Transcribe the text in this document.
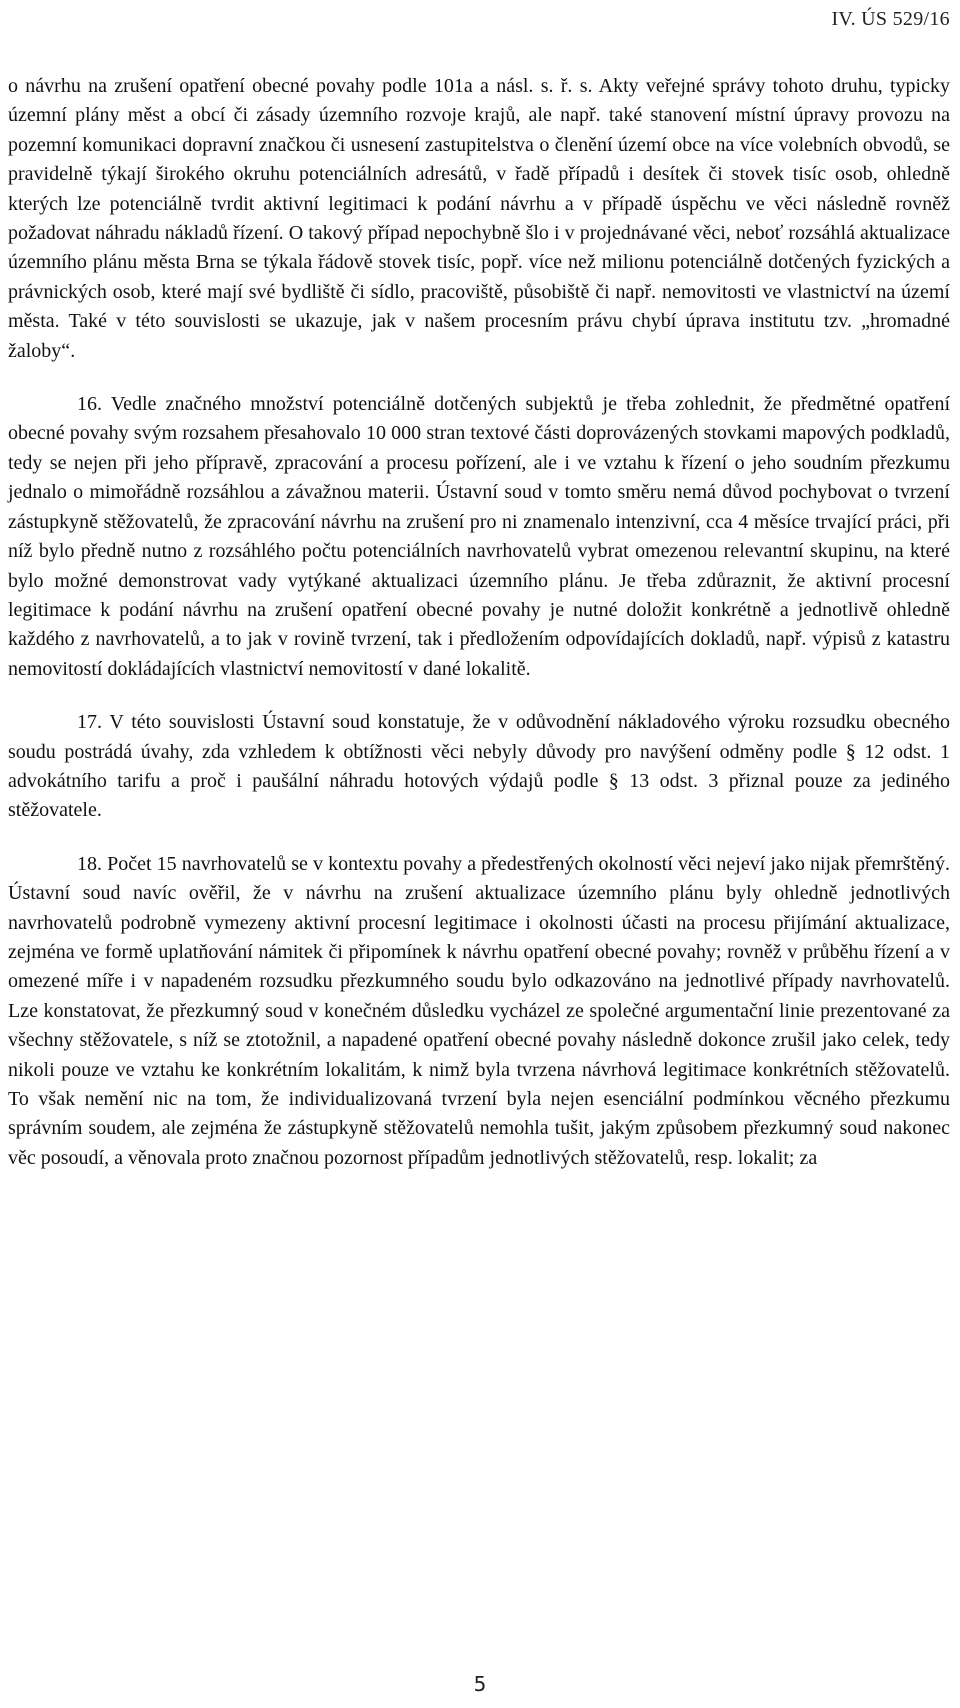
IV. ÚS 529/16

o návrhu na zrušení opatření obecné povahy podle 101a a násl. s. ř. s. Akty veřejné správy tohoto druhu, typicky územní plány měst a obcí či zásady územního rozvoje krajů, ale např. také stanovení místní úpravy provozu na pozemní komunikaci dopravní značkou či usnesení zastupitelstva o členění území obce na více volebních obvodů, se pravidelně týkají širokého okruhu potenciálních adresátů, v řadě případů i desítek či stovek tisíc osob, ohledně kterých lze potenciálně tvrdit aktivní legitimaci k podání návrhu a v případě úspěchu ve věci následně rovněž požadovat náhradu nákladů řízení. O takový případ nepochybně šlo i v projednávané věci, neboť rozsáhlá aktualizace územního plánu města Brna se týkala řádově stovek tisíc, popř. více než milionu potenciálně dotčených fyzických a právnických osob, které mají své bydliště či sídlo, pracoviště, působiště či např. nemovitosti ve vlastnictví na území města. Také v této souvislosti se ukazuje, jak v našem procesním právu chybí úprava institutu tzv. „hromadné žaloby“.

16. Vedle značného množství potenciálně dotčených subjektů je třeba zohlednit, že předmětné opatření obecné povahy svým rozsahem přesahovalo 10 000 stran textové části doprovázených stovkami mapových podkladů, tedy se nejen při jeho přípravě, zpracování a procesu pořízení, ale i ve vztahu k řízení o jeho soudním přezkumu jednalo o mimořádně rozsáhlou a závažnou materii. Ústavní soud v tomto směru nemá důvod pochybovat o tvrzení zástupkyně stěžovatelů, že zpracování návrhu na zrušení pro ni znamenalo intenzivní, cca 4 měsíce trvající práci, při níž bylo předně nutno z rozsáhlého počtu potenciálních navrhovatelů vybrat omezenou relevantní skupinu, na které bylo možné demonstrovat vady vytýkané aktualizaci územního plánu. Je třeba zdůraznit, že aktivní procesní legitimace k podání návrhu na zrušení opatření obecné povahy je nutné doložit konkrétně a jednotlivě ohledně každého z navrhovatelů, a to jak v rovině tvrzení, tak i předložením odpovídajících dokladů, např. výpisů z katastru nemovitostí dokládajících vlastnictví nemovitostí v dané lokalitě.

17. V této souvislosti Ústavní soud konstatuje, že v odůvodnění nákladového výroku rozsudku obecného soudu postrádá úvahy, zda vzhledem k obtížnosti věci nebyly důvody pro navýšení odměny podle § 12 odst. 1 advokátního tarifu a proč i paušální náhradu hotových výdajů podle § 13 odst. 3 přiznal pouze za jediného stěžovatele.

18. Počet 15 navrhovatelů se v kontextu povahy a předestřených okolností věci nejeví jako nijak přemrštěný. Ústavní soud navíc ověřil, že v návrhu na zrušení aktualizace územního plánu byly ohledně jednotlivých navrhovatelů podrobně vymezeny aktivní procesní legitimace i okolnosti účasti na procesu přijímání aktualizace, zejména ve formě uplatňování námitek či připomínek k návrhu opatření obecné povahy; rovněž v průběhu řízení a v omezené míře i v napadeném rozsudku přezkumného soudu bylo odkazováno na jednotlivé případy navrhovatelů. Lze konstatovat, že přezkumný soud v konečném důsledku vycházel ze společné argumentační linie prezentované za všechny stěžovatele, s níž se ztotožnil, a napadené opatření obecné povahy následně dokonce zrušil jako celek, tedy nikoli pouze ve vztahu ke konkrétním lokalitám, k nimž byla tvrzena návrhová legitimace konkrétních stěžovatelů. To však nemění nic na tom, že individualizovaná tvrzení byla nejen esenciální podmínkou věcného přezkumu správním soudem, ale zejména že zástupkyně stěžovatelů nemohla tušit, jakým způsobem přezkumný soud nakonec věc posoudí, a věnovala proto značnou pozornost případům jednotlivých stěžovatelů, resp. lokalit; za

5
